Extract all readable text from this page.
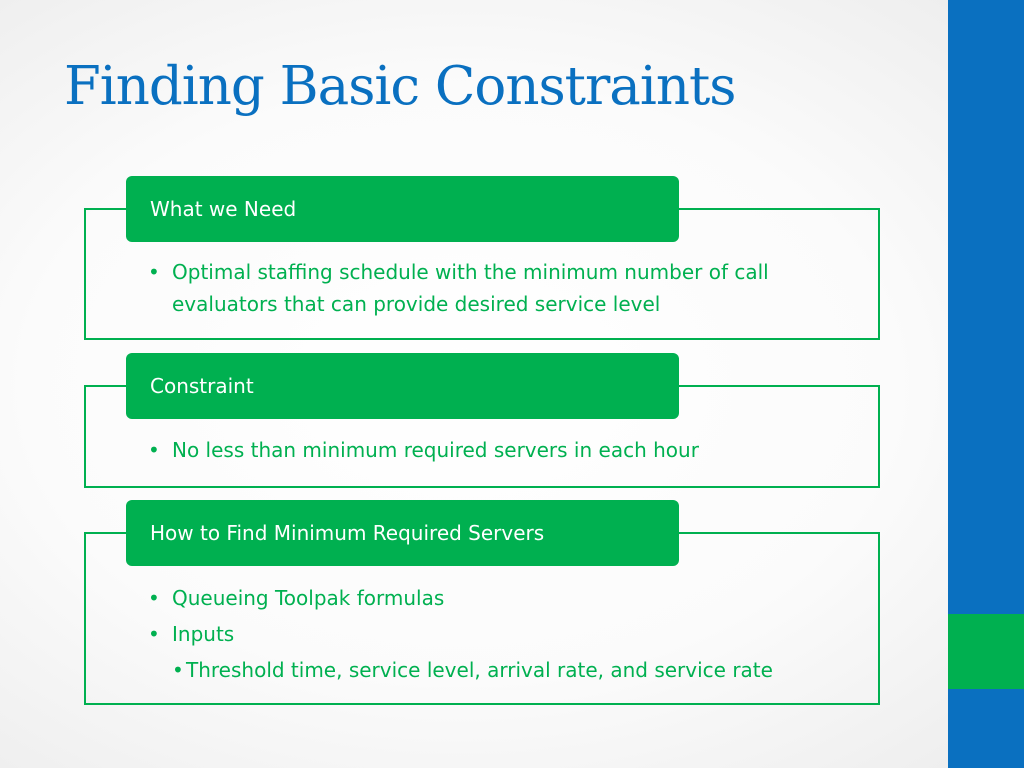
Finding Basic Constraints
What we Need
• Optimal staffing schedule with the minimum number of call evaluators that can provide desired service level
Constraint
• No less than minimum required servers in each hour
How to Find Minimum Required Servers
• Queueing Toolpak formulas
• Inputs
• Threshold time, service level, arrival rate, and service rate
